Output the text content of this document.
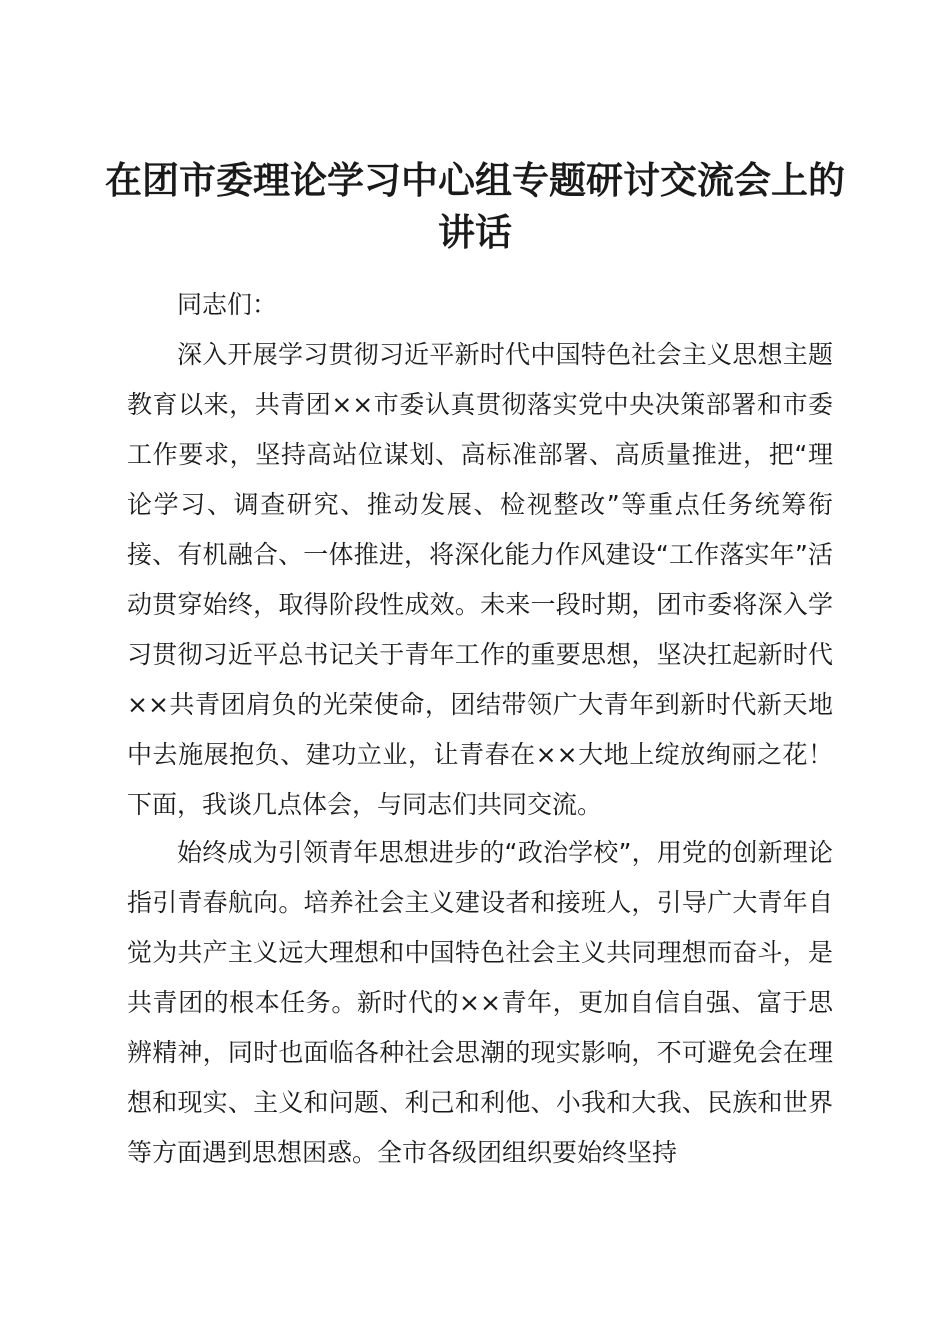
在团市委理论学习中心组专题研讨交流会上的讲话

同志们：

深入开展学习贯彻习近平新时代中国特色社会主义思想主题教育以来，共青团××市委认真贯彻落实党中央决策部署和市委工作要求，坚持高站位谋划、高标准部署、高质量推进，把“理论学习、调查研究、推动发展、检视整改”等重点任务统筹衔接、有机融合、一体推进，将深化能力作风建设“工作落实年”活动贯穿始终，取得阶段性成效。未来一段时期，团市委将深入学习贯彻习近平总书记关于青年工作的重要思想，坚决扛起新时代××共青团肩负的光荣使命，团结带领广大青年到新时代新天地中去施展抱负、建功立业，让青春在××大地上绽放绚丽之花！下面，我谈几点体会，与同志们共同交流。

始终成为引领青年思想进步的“政治学校”，用党的创新理论指引青春航向。培养社会主义建设者和接班人，引导广大青年自觉为共产主义远大理想和中国特色社会主义共同理想而奋斗，是共青团的根本任务。新时代的××青年，更加自信自强、富于思辨精神，同时也面临各种社会思潮的现实影响，不可避免会在理想和现实、主义和问题、利己和利他、小我和大我、民族和世界等方面遇到思想困惑。全市各级团组织要始终坚持
